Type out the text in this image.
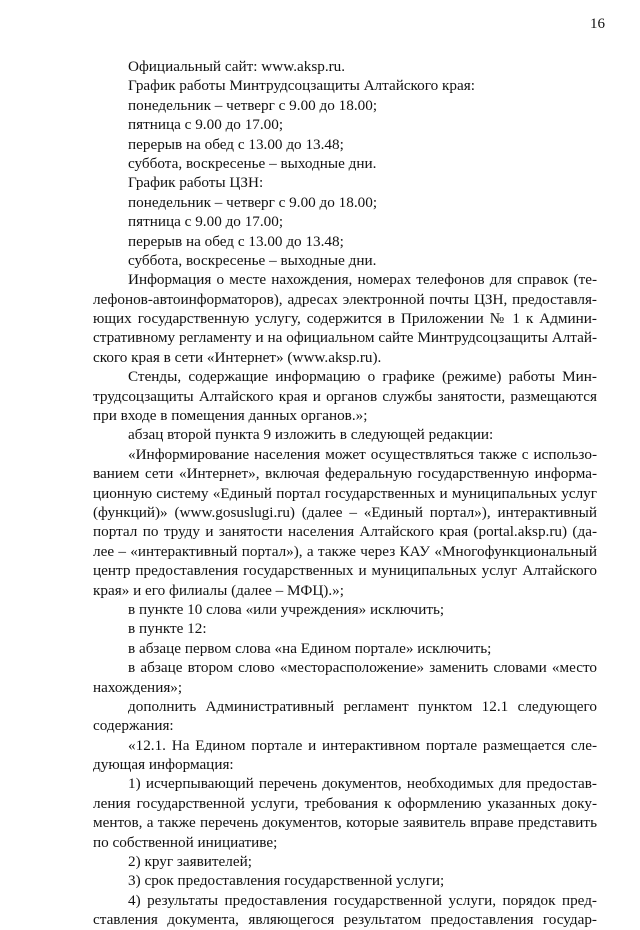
16
Официальный сайт: www.aksp.ru.
График работы Минтрудсоцзащиты Алтайского края:
понедельник – четверг с 9.00 до 18.00;
пятница с 9.00 до 17.00;
перерыв на обед с 13.00 до 13.48;
суббота, воскресенье – выходные дни.
График работы ЦЗН:
понедельник – четверг с 9.00 до 18.00;
пятница с 9.00 до 17.00;
перерыв на обед с 13.00 до 13.48;
суббота, воскресенье – выходные дни.
Информация о месте нахождения, номерах телефонов для справок (те-
лефонов-автоинформаторов), адресах электронной почты ЦЗН, предоставля-
ющих государственную услугу, содержится в Приложении № 1 к Админи-
стративному регламенту и на официальном сайте Минтрудсоцзащиты Алтай-
ского края в сети «Интернет» (www.aksp.ru).
Стенды, содержащие информацию о графике (режиме) работы Мин-
трудсоцзащиты Алтайского края и органов службы занятости, размещаются
при входе в помещения данных органов.»;
абзац второй пункта 9 изложить в следующей редакции:
«Информирование населения может осуществляться также с использо-
ванием сети «Интернет», включая федеральную государственную информа-
ционную систему «Единый портал государственных и муниципальных услуг
(функций)» (www.gosuslugi.ru) (далее – «Единый портал»), интерактивный
портал по труду и занятости населения Алтайского края (portal.aksp.ru) (да-
лее – «интерактивный портал»), а также через КАУ «Многофункциональный
центр предоставления государственных и муниципальных услуг Алтайского
края» и его филиалы (далее – МФЦ).»;
в пункте 10 слова «или учреждения» исключить;
в пункте 12:
в абзаце первом слова «на Едином портале» исключить;
в абзаце втором слово «месторасположение» заменить словами «место
нахождения»;
дополнить Административный регламент пунктом 12.1 следующего
содержания:
«12.1. На Едином портале и интерактивном портале размещается сле-
дующая информация:
1) исчерпывающий перечень документов, необходимых для предостав-
ления государственной услуги, требования к оформлению указанных доку-
ментов, а также перечень документов, которые заявитель вправе представить
по собственной инициативе;
2) круг заявителей;
3) срок предоставления государственной услуги;
4) результаты предоставления государственной услуги, порядок пред-
ставления документа, являющегося результатом предоставления государ-
